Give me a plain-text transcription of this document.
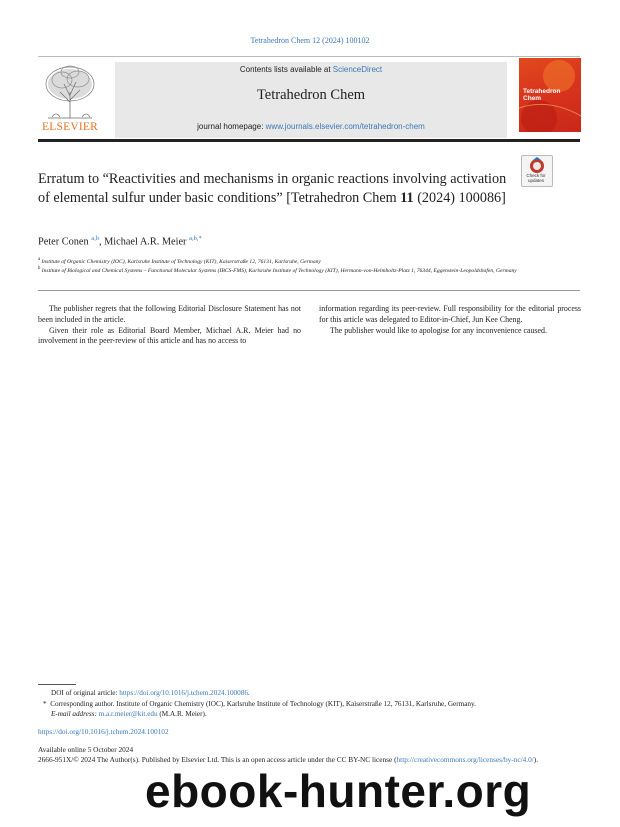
Tetrahedron Chem 12 (2024) 100102
ELSEVIER
Contents lists available at ScienceDirect
Tetrahedron Chem
journal homepage: www.journals.elsevier.com/tetrahedron-chem
Tetrahedron Chem
Check for updates
Erratum to “Reactivities and mechanisms in organic reactions involving activation of elemental sulfur under basic conditions” [Tetrahedron Chem 11 (2024) 100086]
Peter Conen $^{a,b}$, Michael A.R. Meier $^{a,b,*}$
$^a$ Institute of Organic Chemistry (IOC), Karlsruhe Institute of Technology (KIT), Kaiserstraße 12, 76131, Karlsruhe, Germany
$^b$ Institute of Biological and Chemical Systems – Functional Molecular Systems (IBCS-FMS), Karlsruhe Institute of Technology (KIT), Hermann-von-Helmholtz-Platz 1, 76344, Eggenstein-Leopoldshafen, Germany

The publisher regrets that the following Editorial Disclosure Statement has not been included in the article.

Given their role as Editorial Board Member, Michael A.R. Meier had no involvement in the peer-review of this article and has no access to

information regarding its peer-review. Full responsibility for the editorial process for this article was delegated to Editor-in-Chief, Jun Kee Cheng.

The publisher would like to apologise for any inconvenience caused.

DOI of original article: https://doi.org/10.1016/j.tchem.2024.100086.
* Corresponding author. Institute of Organic Chemistry (IOC), Karlsruhe Institute of Technology (KIT), Kaiserstraße 12, 76131, Karlsruhe, Germany.
E-mail address: m.a.r.meier@kit.edu (M.A.R. Meier).
https://doi.org/10.1016/j.tchem.2024.100102
Available online 5 October 2024
2666-951X/© 2024 The Author(s). Published by Elsevier Ltd. This is an open access article under the CC BY-NC license (http://creativecommons.org/licenses/by-nc/4.0/).
ebook-hunter.org
